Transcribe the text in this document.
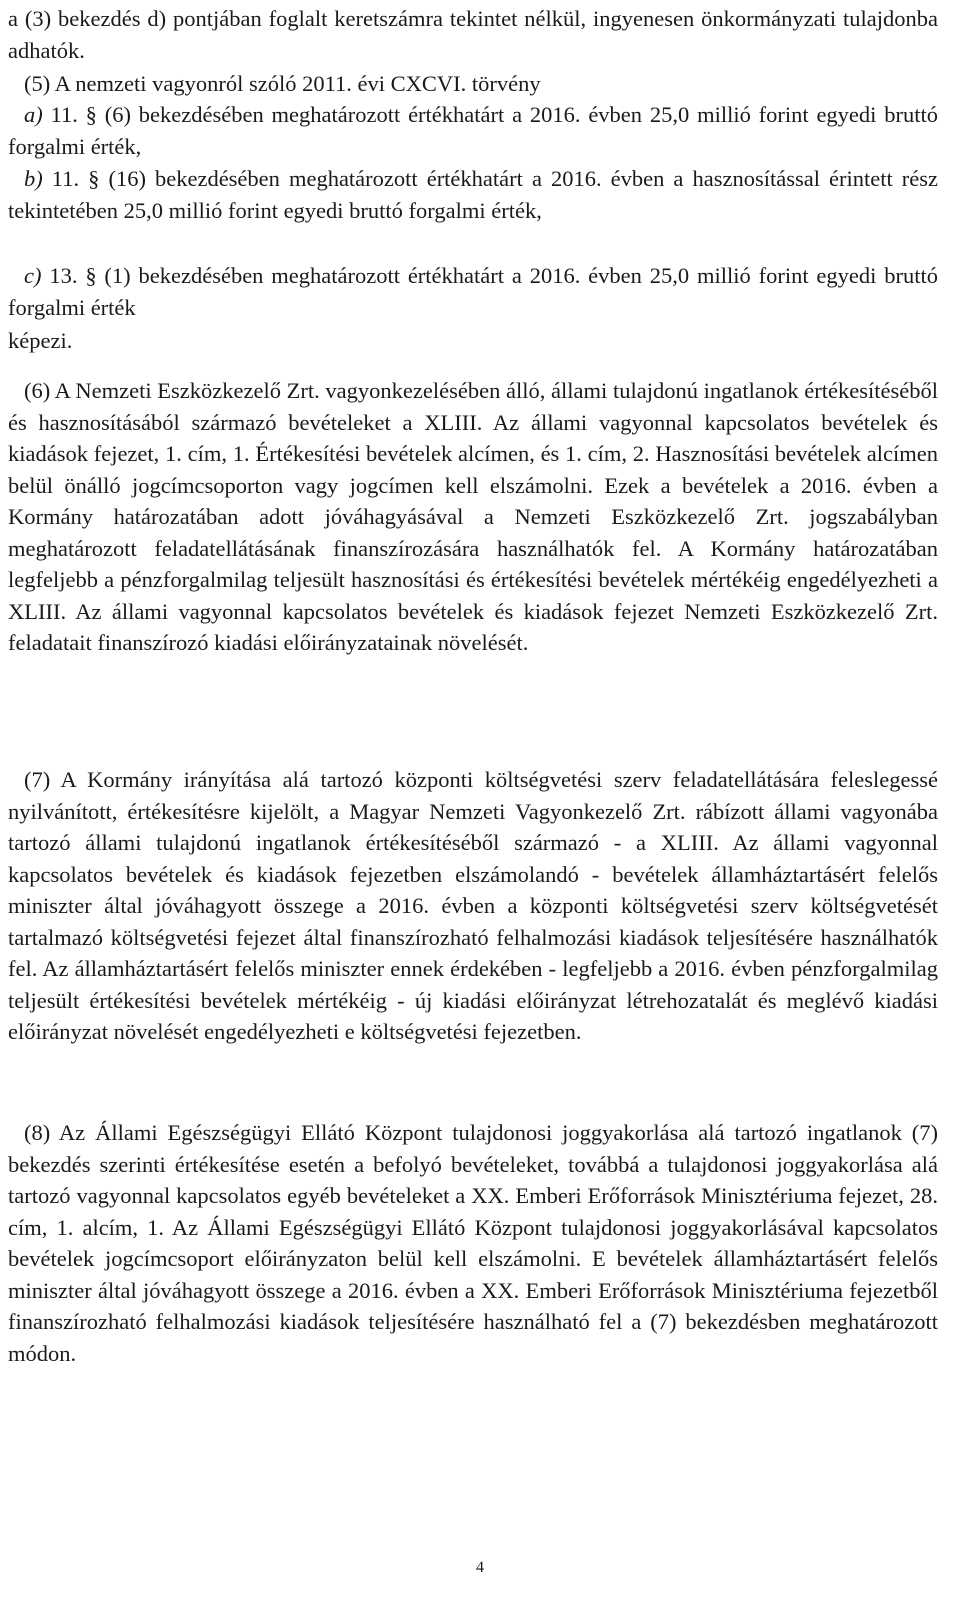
a (3) bekezdés d) pontjában foglalt keretszámra tekintet nélkül, ingyenesen önkormányzati tulajdonba adhatók.

(5) A nemzeti vagyonról szóló 2011. évi CXCVI. törvény

a) 11. § (6) bekezdésében meghatározott értékhatárt a 2016. évben 25,0 millió forint egyedi bruttó forgalmi érték,

b) 11. § (16) bekezdésében meghatározott értékhatárt a 2016. évben a hasznosítással érintett rész tekintetében 25,0 millió forint egyedi bruttó forgalmi érték,

c) 13. § (1) bekezdésében meghatározott értékhatárt a 2016. évben 25,0 millió forint egyedi bruttó forgalmi érték

képezi.

(6) A Nemzeti Eszközkezelő Zrt. vagyonkezelésében álló, állami tulajdonú ingatlanok értékesítéséből és hasznosításából származó bevételeket a XLIII. Az állami vagyonnal kapcsolatos bevételek és kiadások fejezet, 1. cím, 1. Értékesítési bevételek alcímen, és 1. cím, 2. Hasznosítási bevételek alcímen belül önálló jogcímcsoporton vagy jogcímen kell elszámolni. Ezek a bevételek a 2016. évben a Kormány határozatában adott jóváhagyásával a Nemzeti Eszközkezelő Zrt. jogszabályban meghatározott feladatellátásának finanszírozására használhatók fel. A Kormány határozatában legfeljebb a pénzforgalmilag teljesült hasznosítási és értékesítési bevételek mértékéig engedélyezheti a XLIII. Az állami vagyonnal kapcsolatos bevételek és kiadások fejezet Nemzeti Eszközkezelő Zrt. feladatait finanszírozó kiadási előirányzatainak növelését.

(7) A Kormány irányítása alá tartozó központi költségvetési szerv feladatellátására feleslegessé nyilvánított, értékesítésre kijelölt, a Magyar Nemzeti Vagyonkezelő Zrt. rábízott állami vagyonába tartozó állami tulajdonú ingatlanok értékesítéséből származó - a XLIII. Az állami vagyonnal kapcsolatos bevételek és kiadások fejezetben elszámolandó - bevételek államháztartásért felelős miniszter által jóváhagyott összege a 2016. évben a központi költségvetési szerv költségvetését tartalmazó költségvetési fejezet által finanszírozható felhalmozási kiadások teljesítésére használhatók fel. Az államháztartásért felelős miniszter ennek érdekében - legfeljebb a 2016. évben pénzforgalmilag teljesült értékesítési bevételek mértékéig - új kiadási előirányzat létrehozatalát és meglévő kiadási előirányzat növelését engedélyezheti e költségvetési fejezetben.

(8) Az Állami Egészségügyi Ellátó Központ tulajdonosi joggyakorlása alá tartozó ingatlanok (7) bekezdés szerinti értékesítése esetén a befolyó bevételeket, továbbá a tulajdonosi joggyakorlása alá tartozó vagyonnal kapcsolatos egyéb bevételeket a XX. Emberi Erőforrások Minisztériuma fejezet, 28. cím, 1. alcím, 1. Az Állami Egészségügyi Ellátó Központ tulajdonosi joggyakorlásával kapcsolatos bevételek jogcímcsoport előirányzaton belül kell elszámolni. E bevételek államháztartásért felelős miniszter által jóváhagyott összege a 2016. évben a XX. Emberi Erőforrások Minisztériuma fejezetből finanszírozható felhalmozási kiadások teljesítésére használható fel a (7) bekezdésben meghatározott módon.

4
